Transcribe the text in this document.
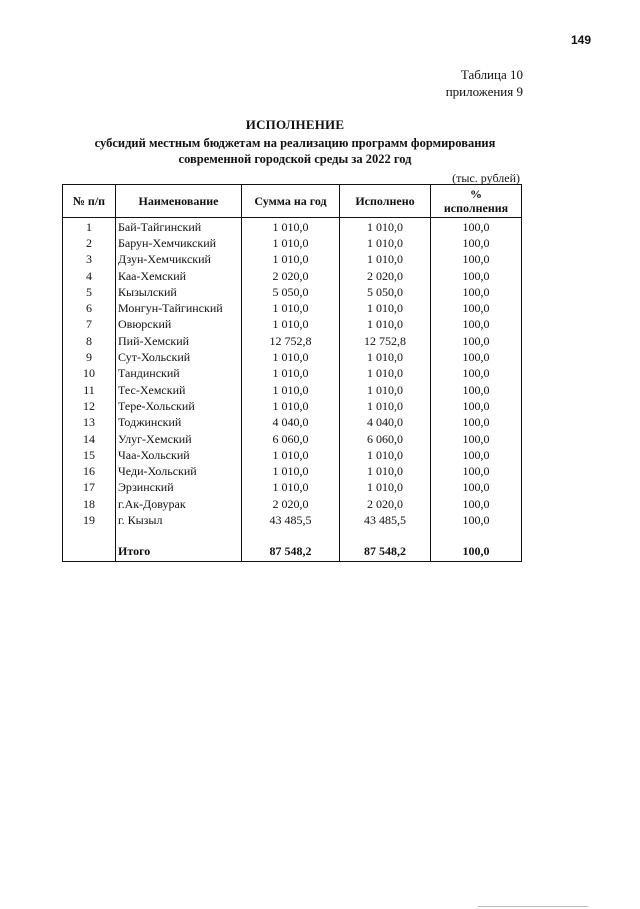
149
Таблица 10
приложения 9
ИСПОЛНЕНИЕ
субсидий местным бюджетам на реализацию программ формирования
современной городской среды за 2022 год
(тыс. рублей)
№ п/п	Наименование	Сумма на год	Исполнено	%
исполнения

1	Бай-Тайгинский	1 010,0	1 010,0	100,0
2	Барун-Хемчикский	1 010,0	1 010,0	100,0
3	Дзун-Хемчикский	1 010,0	1 010,0	100,0
4	Каа-Хемский	2 020,0	2 020,0	100,0
5	Кызылский	5 050,0	5 050,0	100,0
6	Монгун-Тайгинский	1 010,0	1 010,0	100,0
7	Овюрский	1 010,0	1 010,0	100,0
8	Пий-Хемский	12 752,8	12 752,8	100,0
9	Сут-Хольский	1 010,0	1 010,0	100,0
10	Тандинский	1 010,0	1 010,0	100,0
11	Тес-Хемский	1 010,0	1 010,0	100,0
12	Тере-Хольский	1 010,0	1 010,0	100,0
13	Тоджинский	4 040,0	4 040,0	100,0
14	Улуг-Хемский	6 060,0	6 060,0	100,0
15	Чаа-Хольский	1 010,0	1 010,0	100,0
16	Чеди-Хольский	1 010,0	1 010,0	100,0
17	Эрзинский	1 010,0	1 010,0	100,0
18	г.Ак-Довурак	2 020,0	2 020,0	100,0
19	г. Кызыл	43 485,5	43 485,5	100,0

	Итого	87 548,2	87 548,2	100,0
